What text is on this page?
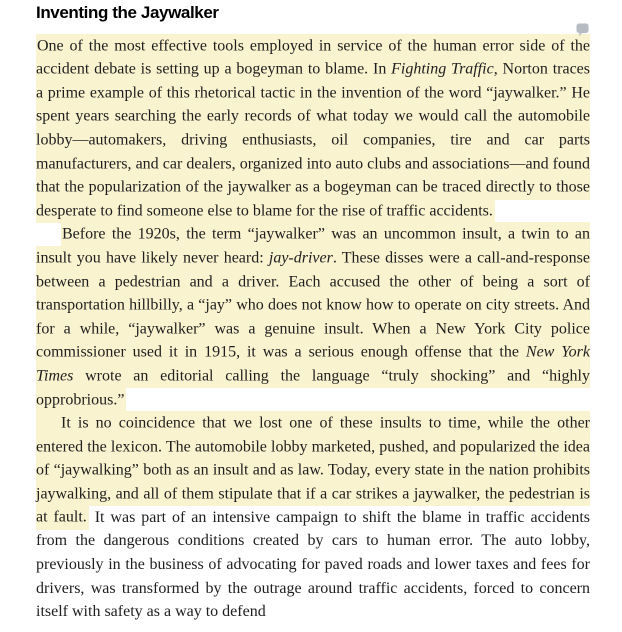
Inventing the Jaywalker

One of the most effective tools employed in service of the human error side of the accident debate is setting up a bogeyman to blame. In Fighting Traffic, Norton traces a prime example of this rhetorical tactic in the invention of the word “jaywalker.” He spent years searching the early records of what today we would call the automobile lobby—automakers, driving enthusiasts, oil companies, tire and car parts manufacturers, and car dealers, organized into auto clubs and associations—and found that the popularization of the jaywalker as a bogeyman can be traced directly to those desperate to find someone else to blame for the rise of traffic accidents.

Before the 1920s, the term “jaywalker” was an uncommon insult, a twin to an insult you have likely never heard: jay-driver. These disses were a call-and-response between a pedestrian and a driver. Each accused the other of being a sort of transportation hillbilly, a “jay” who does not know how to operate on city streets. And for a while, “jaywalker” was a genuine insult. When a New York City police commissioner used it in 1915, it was a serious enough offense that the New York Times wrote an editorial calling the language “truly shocking” and “highly opprobrious.”

It is no coincidence that we lost one of these insults to time, while the other entered the lexicon. The automobile lobby marketed, pushed, and popularized the idea of “jaywalking” both as an insult and as law. Today, every state in the nation prohibits jaywalking, and all of them stipulate that if a car strikes a jaywalker, the pedestrian is at fault. It was part of an intensive campaign to shift the blame in traffic accidents from the dangerous conditions created by cars to human error. The auto lobby, previously in the business of advocating for paved roads and lower taxes and fees for drivers, was transformed by the outrage around traffic accidents, forced to concern itself with safety as a way to defend
